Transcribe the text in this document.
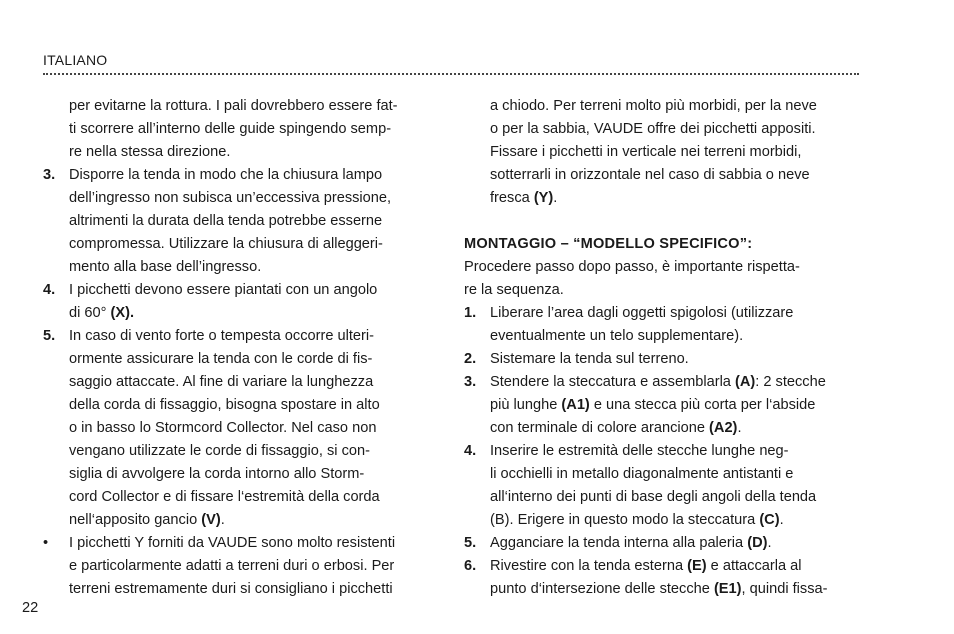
ITALIANO
per evitarne la rottura. I pali dovrebbero essere fat-
ti scorrere all’interno delle guide spingendo semp-
re nella stessa direzione.
3. Disporre la tenda in modo che la chiusura lampo
dell’ingresso non subisca un’eccessiva pressione,
altrimenti la durata della tenda potrebbe esserne
compromessa. Utilizzare la chiusura di alleggeri-
mento alla base dell’ingresso.
4. I picchetti devono essere piantati con un angolo
di 60° (X).
5. In caso di vento forte o tempesta occorre ulteri-
ormente assicurare la tenda con le corde di fis-
saggio attaccate. Al fine di variare la lunghezza
della corda di fissaggio, bisogna spostare in alto
o in basso lo Stormcord Collector. Nel caso non
vengano utilizzate le corde di fissaggio, si con-
siglia di avvolgere la corda intorno allo Storm-
cord Collector e di fissare l‘estremità della corda
nell‘apposito gancio (V).
• I picchetti Y forniti da VAUDE sono molto resistenti
e particolarmente adatti a terreni duri o erbosi. Per
terreni estremamente duri si consigliano i picchetti
a chiodo. Per terreni molto più morbidi, per la neve
o per la sabbia, VAUDE offre dei picchetti appositi.
Fissare i picchetti in verticale nei terreni morbidi,
sotterrarli in orizzontale nel caso di sabbia o neve
fresca (Y).
MONTAGGIO – “MODELLO SPECIFICO”:
Procedere passo dopo passo, è importante rispetta-
re la sequenza.
1. Liberare l’area dagli oggetti spigolosi (utilizzare
eventualmente un telo supplementare).
2. Sistemare la tenda sul terreno.
3. Stendere la steccatura e assemblarla (A): 2 stecche
più lunghe (A1) e una stecca più corta per l‘abside
con terminale di colore arancione (A2).
4. Inserire le estremità delle stecche lunghe neg-
li occhielli in metallo diagonalmente antistanti e
all‘interno dei punti di base degli angoli della tenda
(B). Erigere in questo modo la steccatura (C).
5. Agganciare la tenda interna alla paleria (D).
6. Rivestire con la tenda esterna (E) e attaccarla al
punto d‘intersezione delle stecche (E1), quindi fissa-
22
